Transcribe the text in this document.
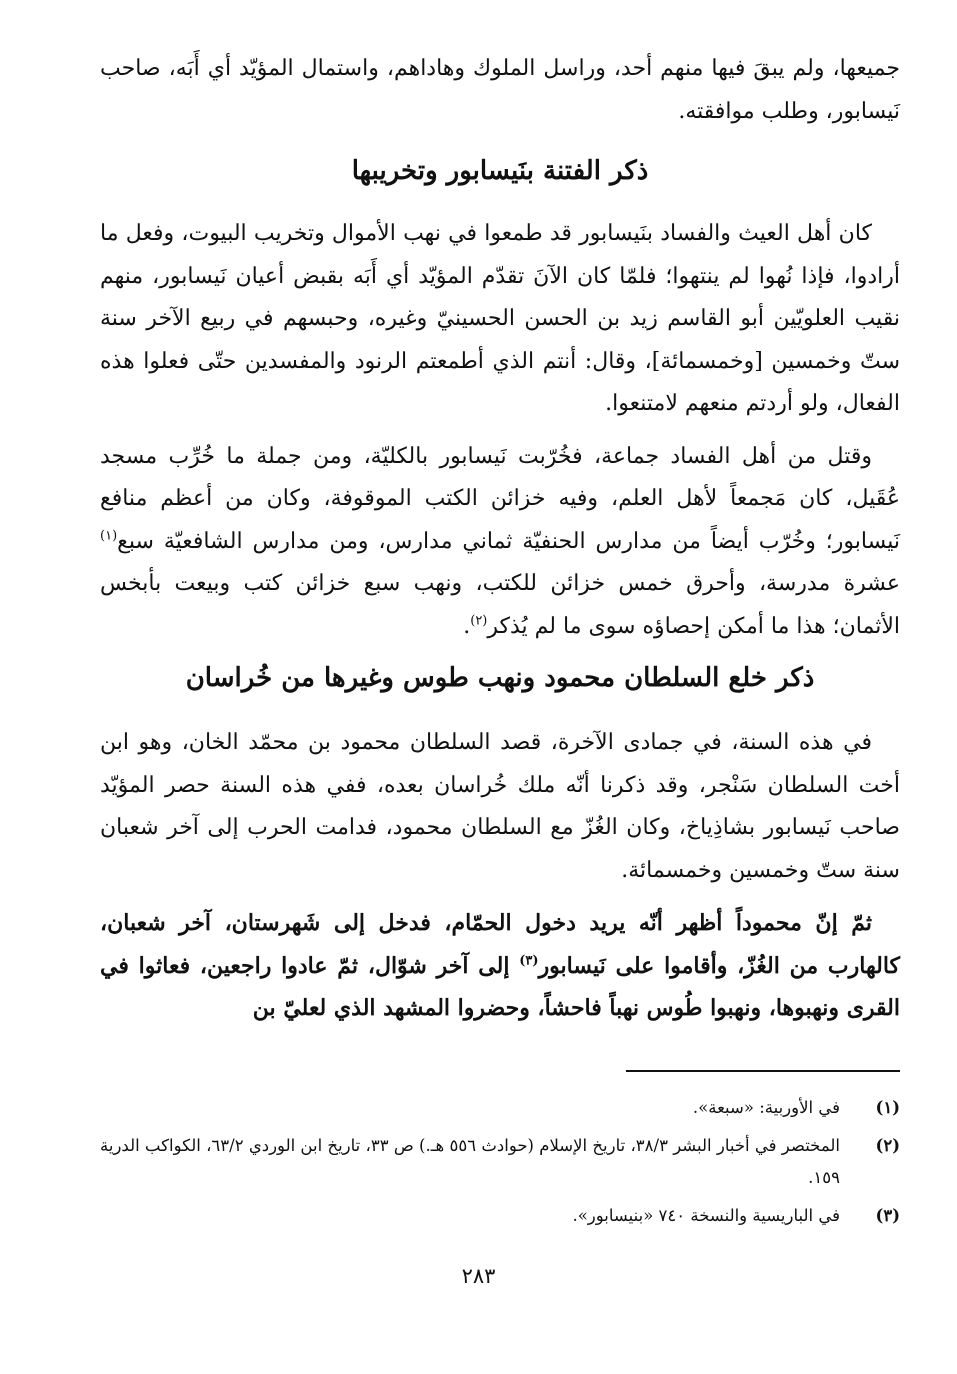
جميعها، ولم يبقَ فيها منهم أحد، وراسل الملوك وهاداهم، واستمال المؤيّد أي أَبَه، صاحب نَيسابور، وطلب موافقته.

ذكر الفتنة بنَيسابور وتخريبها

كان أهل العيث والفساد بنَيسابور قد طمعوا في نهب الأموال وتخريب البيوت، وفعل ما أرادوا، فإذا نُهوا لم ينتهوا؛ فلمّا كان الآنَ تقدّم المؤيّد أي أَبَه بقبض أعيان نَيسابور، منهم نقيب العلويّين أبو القاسم زيد بن الحسن الحسينيّ وغيره، وحبسهم في ربيع الآخر سنة ستّ وخمسين [وخمسمائة]، وقال: أنتم الذي أطمعتم الرنود والمفسدين حتّى فعلوا هذه الفعال، ولو أردتم منعهم لامتنعوا.

وقتل من أهل الفساد جماعة، فخُرّبت نَيسابور بالكليّة، ومن جملة ما خُرِّب مسجد عُقَيل، كان مَجمعاً لأهل العلم، وفيه خزائن الكتب الموقوفة، وكان من أعظم منافع نَيسابور؛ وخُرّب أيضاً من مدارس الحنفيّة ثماني مدارس، ومن مدارس الشافعيّة سبع$^{(١)}$ عشرة مدرسة، وأحرق خمس خزائن للكتب، ونهب سبع خزائن كتب وبيعت بأبخس الأثمان؛ هذا ما أمكن إحصاؤه سوى ما لم يُذكر$^{(٢)}$.

ذكر خلع السلطان محمود ونهب طوس وغيرها من خُراسان

في هذه السنة، في جمادى الآخرة، قصد السلطان محمود بن محمّد الخان، وهو ابن أخت السلطان سَنْجر، وقد ذكرنا أنّه ملك خُراسان بعده، ففي هذه السنة حصر المؤيّد صاحب نَيسابور بشاذِياخ، وكان الغُزّ مع السلطان محمود، فدامت الحرب إلى آخر شعبان سنة ستّ وخمسين وخمسمائة.

ثمّ إنّ محموداً أظهر أنّه يريد دخول الحمّام، فدخل إلى شَهرستان، آخر شعبان، كالهارب من الغُزّ، وأقاموا على نَيسابور$^{(٣)}$ إلى آخر شوّال، ثمّ عادوا راجعين، فعاثوا في القرى ونهبوها، ونهبوا طُوس نهباً فاحشاً، وحضروا المشهد الذي لعليّ بن

(١)
في الأوربية: «سبعة».
(٢)
المختصر في أخبار البشر ٣٨/٣، تاريخ الإسلام (حوادث ٥٥٦ هـ.) ص ٣٣، تاريخ ابن الوردي ٦٣/٢، الكواكب الدرية ١٥٩.
(٣)
في الباريسية والنسخة ٧٤٠ «بنيسابور».
٢٨٣
